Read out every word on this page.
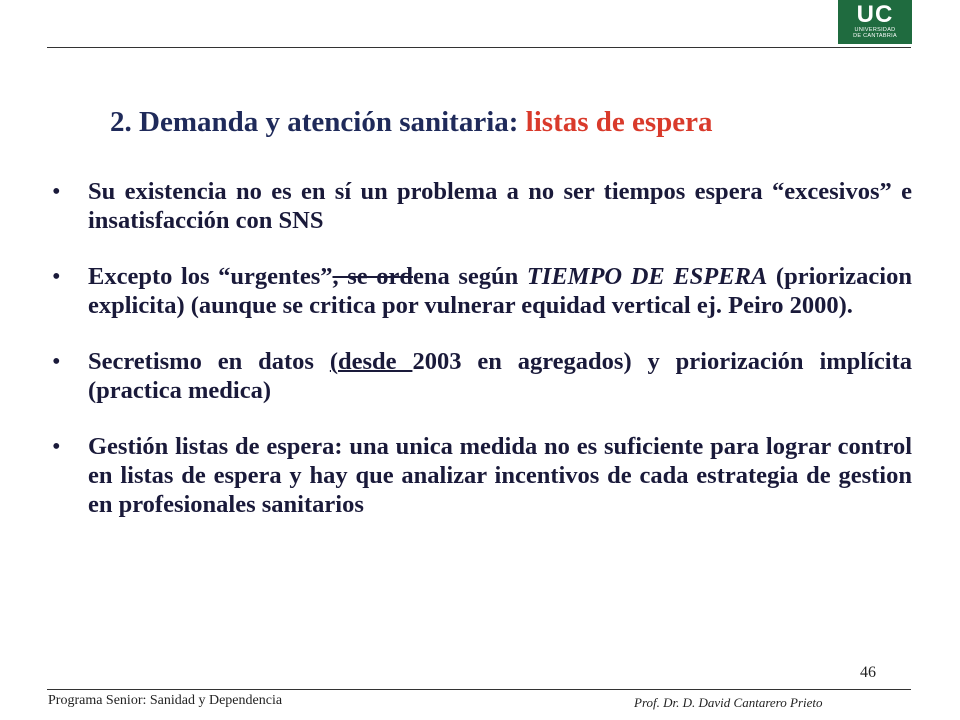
UC
UNIVERSIDAD
DE CANTABRIA
2. Demanda y atención sanitaria: listas de espera
• Su existencia no es en sí un problema a no ser tiempos espera “excesivos” e insatisfacción con SNS
• Excepto los “urgentes”, se ordena según TIEMPO DE ESPERA (priorizacion explicita) (aunque se critica por vulnerar equidad vertical ej. Peiro 2000).
• Secretismo en datos (desde 2003 en agregados) y priorización implícita (practica medica)
• Gestión listas de espera: una unica medida no es suficiente para lograr control en listas de espera y hay que analizar incentivos de cada estrategia de gestion en profesionales sanitarios
46
Programa Senior: Sanidad y Dependencia	Prof. Dr. D. David Cantarero Prieto
